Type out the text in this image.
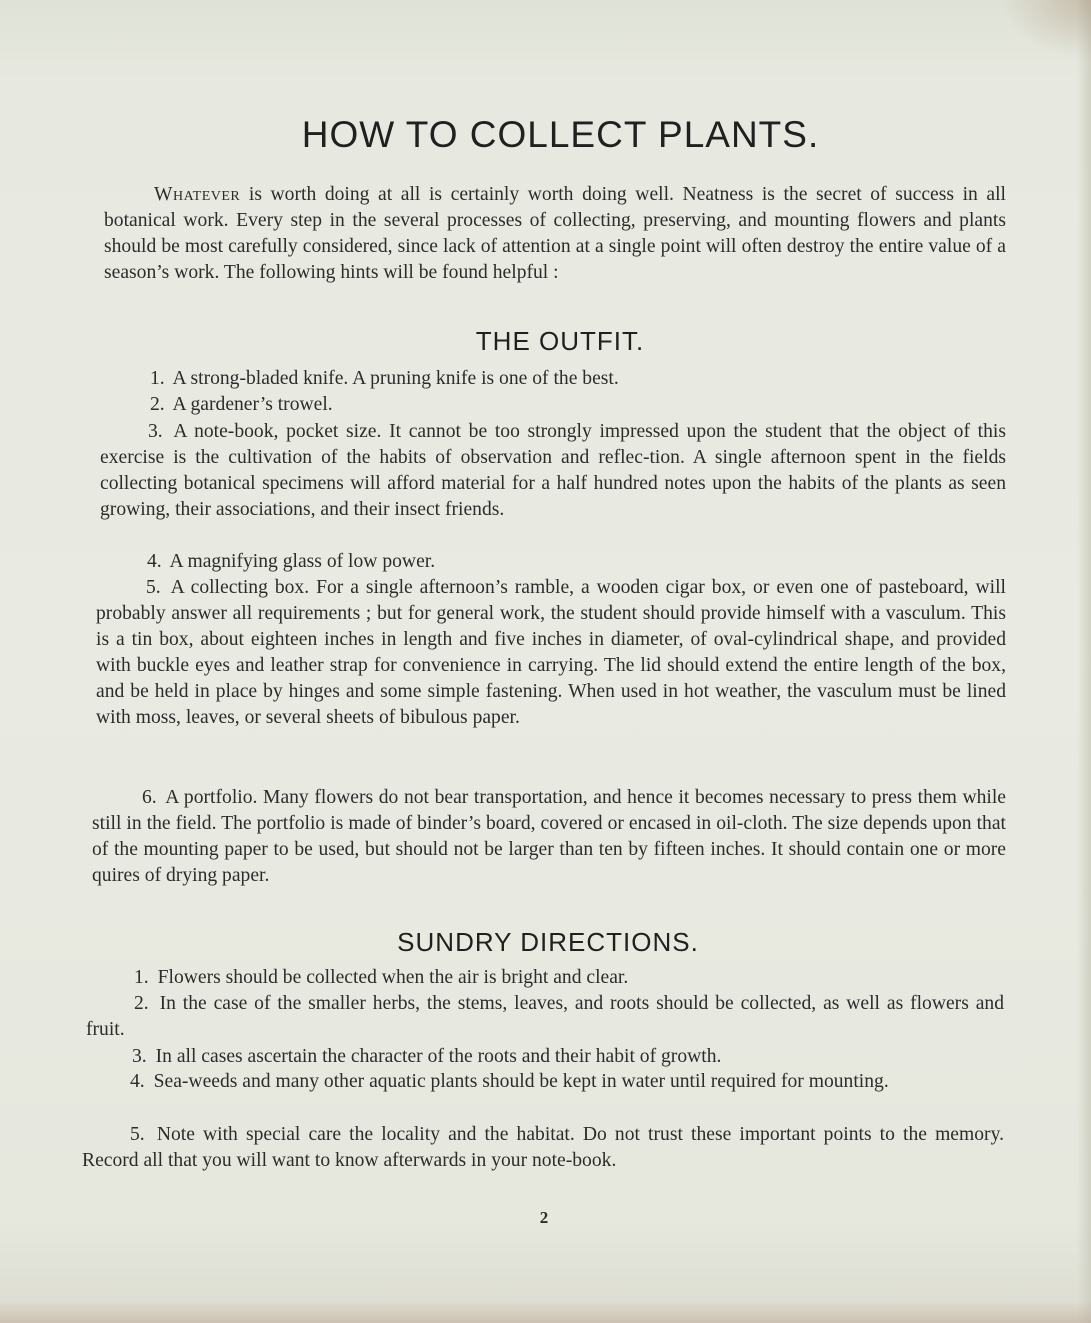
HOW TO COLLECT PLANTS.

Whatever is worth doing at all is certainly worth doing well. Neatness is the secret of success in all botanical work. Every step in the several processes of collecting, preserving, and mounting flowers and plants should be most carefully considered, since lack of attention at a single point will often destroy the entire value of a season’s work. The following hints will be found helpful :

THE OUTFIT.

1. A strong-bladed knife. A pruning knife is one of the best.

2. A gardener’s trowel.

3. A note-book, pocket size. It cannot be too strongly impressed upon the student that the object of this exercise is the cultivation of the habits of observation and reflec-tion. A single afternoon spent in the fields collecting botanical specimens will afford material for a half hundred notes upon the habits of the plants as seen growing, their associations, and their insect friends.

4. A magnifying glass of low power.

5. A collecting box. For a single afternoon’s ramble, a wooden cigar box, or even one of pasteboard, will probably answer all requirements ; but for general work, the student should provide himself with a vasculum. This is a tin box, about eighteen inches in length and five inches in diameter, of oval-cylindrical shape, and provided with buckle eyes and leather strap for convenience in carrying. The lid should extend the entire length of the box, and be held in place by hinges and some simple fastening. When used in hot weather, the vasculum must be lined with moss, leaves, or several sheets of bibulous paper.

6. A portfolio. Many flowers do not bear transportation, and hence it becomes necessary to press them while still in the field. The portfolio is made of binder’s board, covered or encased in oil-cloth. The size depends upon that of the mounting paper to be used, but should not be larger than ten by fifteen inches. It should contain one or more quires of drying paper.

SUNDRY DIRECTIONS.

1. Flowers should be collected when the air is bright and clear.

2. In the case of the smaller herbs, the stems, leaves, and roots should be collected, as well as flowers and fruit.

3. In all cases ascertain the character of the roots and their habit of growth.

4. Sea-weeds and many other aquatic plants should be kept in water until required for mounting.

5. Note with special care the locality and the habitat. Do not trust these important points to the memory. Record all that you will want to know afterwards in your note-book.

2
